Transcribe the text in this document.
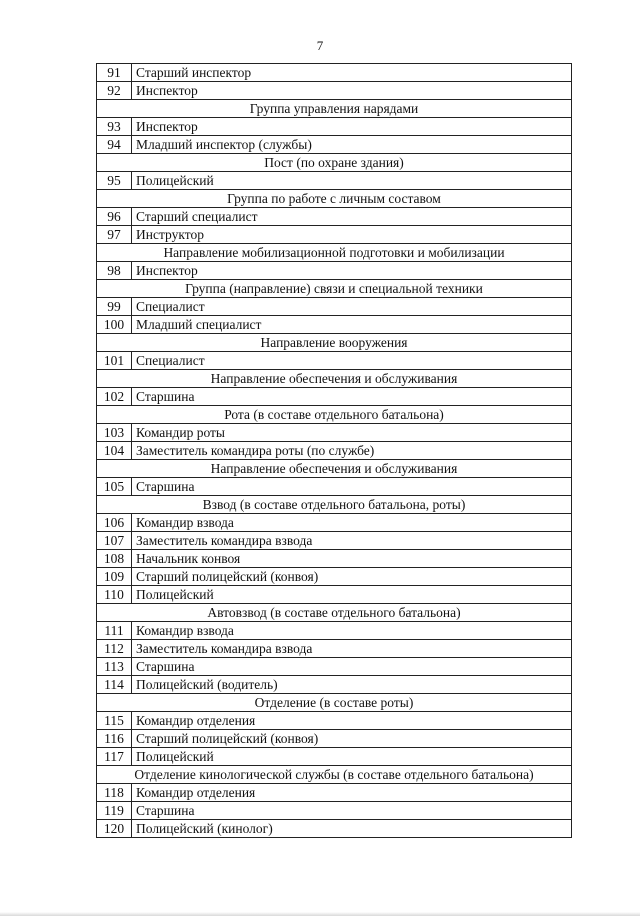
7
91	Старший инспектор
92	Инспектор
Группа управления нарядами	
93	Инспектор
94	Младший инспектор (службы)
Пост (по охране здания)	
95	Полицейский
Группа по работе с личным составом	
96	Старший специалист
97	Инструктор
Направление мобилизационной подготовки и мобилизации	
98	Инспектор
Группа (направление) связи и специальной техники	
99	Специалист
100	Младший специалист
Направление вооружения	
101	Специалист
Направление обеспечения и обслуживания	
102	Старшина
Рота (в составе отдельного батальона)	
103	Командир роты
104	Заместитель командира роты (по службе)
Направление обеспечения и обслуживания	
105	Старшина
Взвод (в составе отдельного батальона, роты)	
106	Командир взвода
107	Заместитель командира взвода
108	Начальник конвоя
109	Старший полицейский (конвоя)
110	Полицейский
Автовзвод (в составе отдельного батальона)	
111	Командир взвода
112	Заместитель командира взвода
113	Старшина
114	Полицейский (водитель)
Отделение (в составе роты)	
115	Командир отделения
116	Старший полицейский (конвоя)
117	Полицейский
Отделение кинологической службы (в составе отдельного батальона)	
118	Командир отделения
119	Старшина
120	Полицейский (кинолог)
